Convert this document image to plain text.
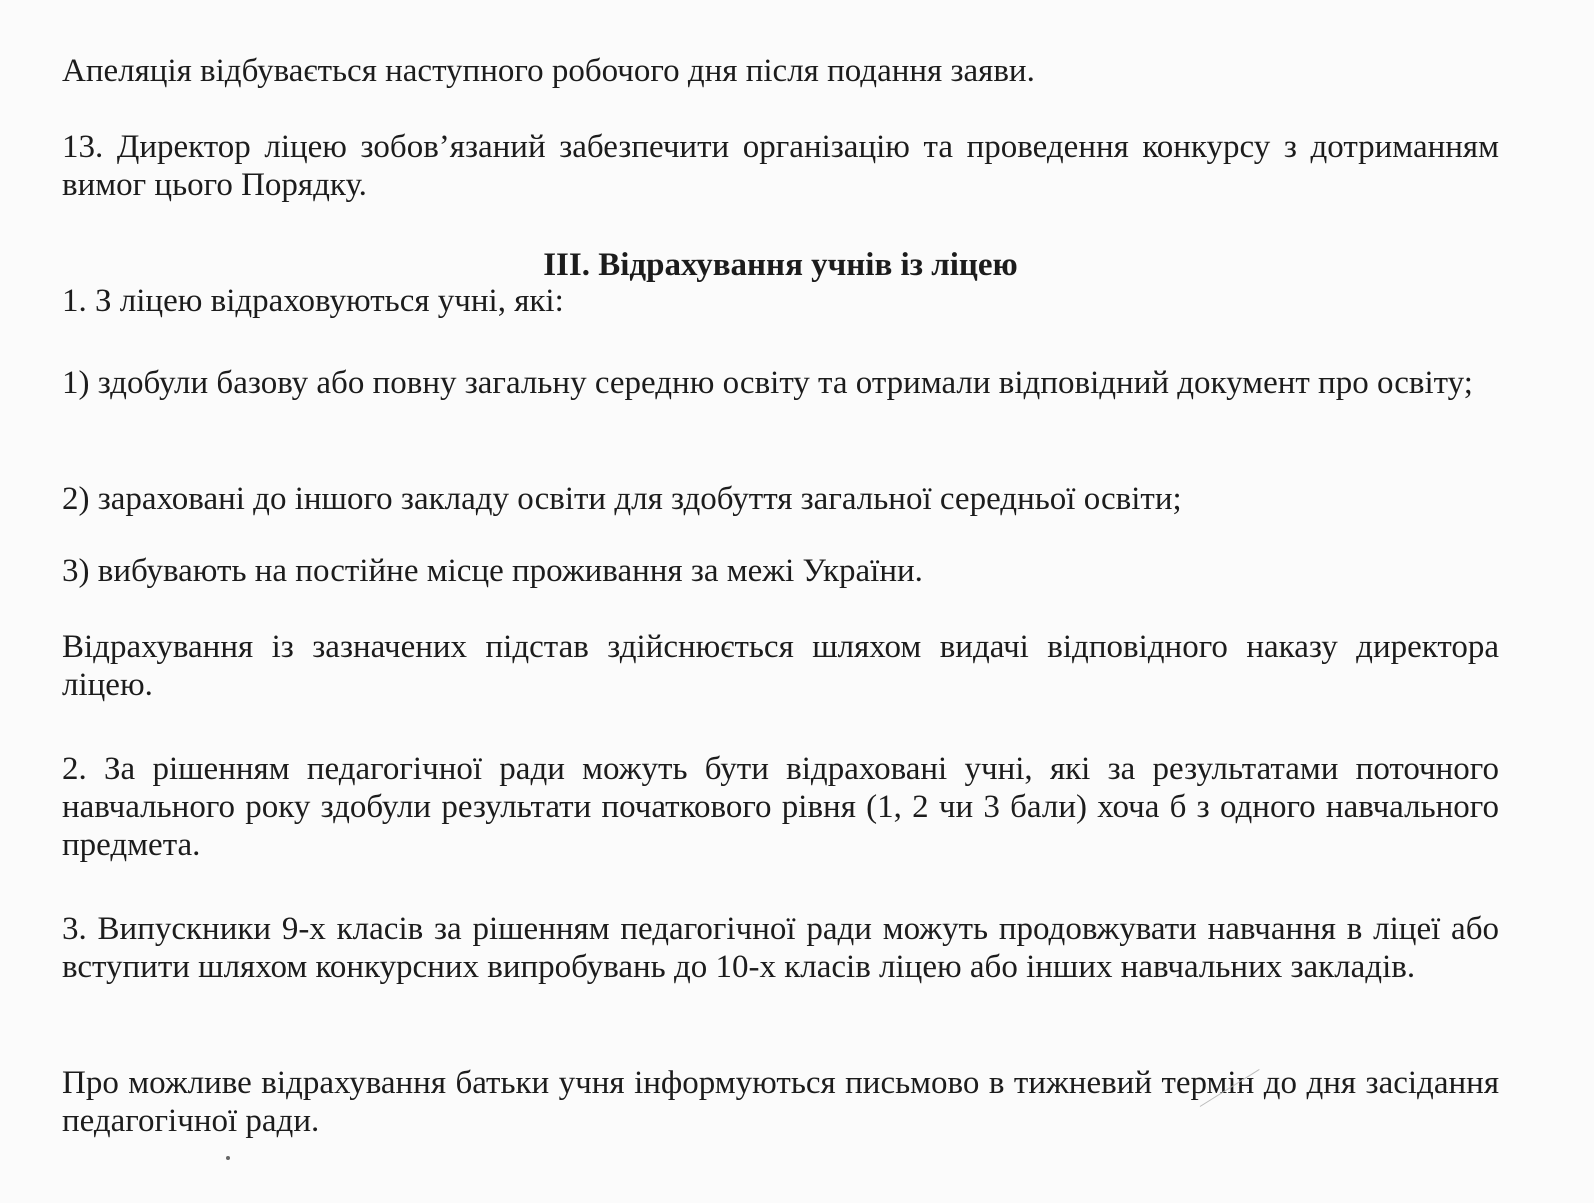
Апеляція відбувається наступного робочого дня після подання заяви.

13. Директор ліцею зобов’язаний забезпечити організацію та проведення конкурсу з дотриманням вимог цього Порядку.

ІІІ. Відрахування учнів із ліцею

1. З ліцею відраховуються учні, які:

1) здобули базову або повну загальну середню освіту та отримали відповідний документ про освіту;

2) зараховані до іншого закладу освіти для здобуття загальної середньої освіти;

3) вибувають на постійне місце проживання за межі України.

Відрахування із зазначених підстав здійснюється шляхом видачі відповідного наказу директора ліцею.

2. За рішенням педагогічної ради можуть бути відраховані учні, які за результатами поточного навчального року здобули результати початкового рівня (1, 2 чи 3 бали) хоча б з одного навчального предмета.

3. Випускники 9-х класів за рішенням педагогічної ради можуть продовжувати навчання в ліцеї або вступити шляхом конкурсних випробувань до 10-х класів ліцею або інших навчальних закладів.

Про можливе відрахування батьки учня інформуються письмово в тижневий термін до дня засідання педагогічної ради.
